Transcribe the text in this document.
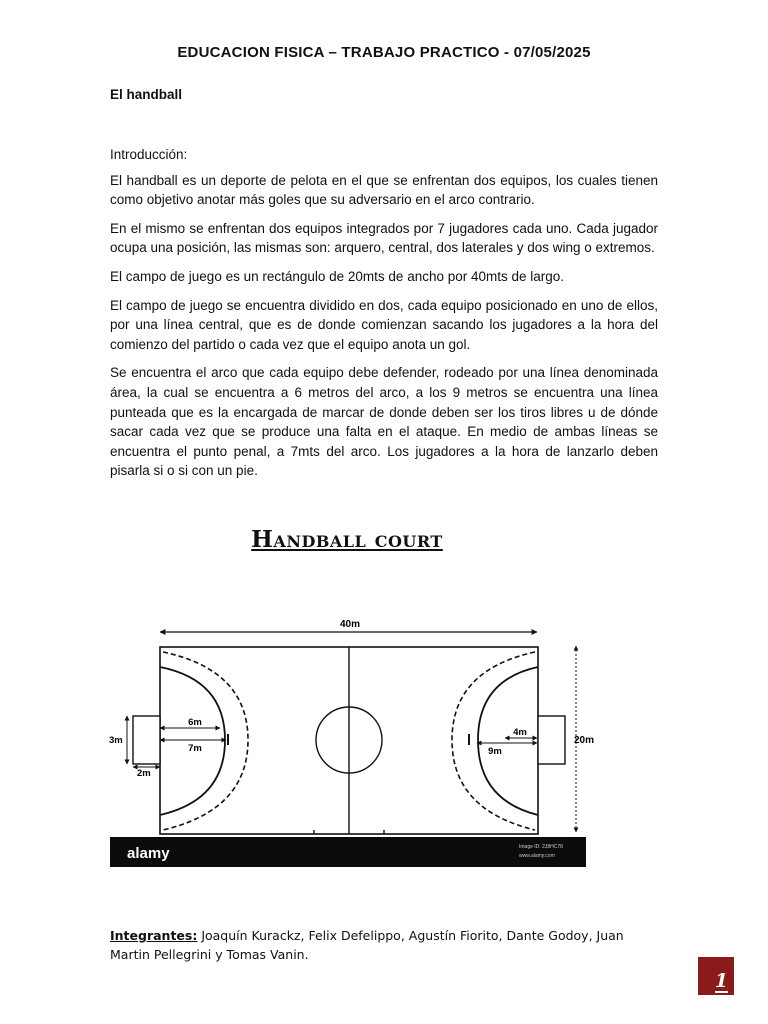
EDUCACION FISICA – TRABAJO PRACTICO - 07/05/2025
El handball

Introducción:

El handball es un deporte de pelota en el que se enfrentan dos equipos, los cuales tienen como objetivo anotar más goles que su adversario en el arco contrario.

En el mismo se enfrentan dos equipos integrados por 7 jugadores cada uno. Cada jugador ocupa una posición, las mismas son: arquero, central, dos laterales y dos wing o extremos.

El campo de juego es un rectángulo de 20mts de ancho por 40mts de largo.

El campo de juego se encuentra dividido en dos, cada equipo posicionado en uno de ellos, por una línea central, que es de donde comienzan sacando los jugadores a la hora del comienzo del partido o cada vez que el equipo anota un gol.

Se encuentra el arco que cada equipo debe defender, rodeado por una línea denominada área, la cual se encuentra a 6 metros del arco, a los 9 metros se encuentra una línea punteada que es la encargada de marcar de donde deben ser los tiros libres u de dónde sacar cada vez que se produce una falta en el ataque. En medio de ambas líneas se encuentra el punto penal, a 7mts del arco. Los jugadores a la hora de lanzarlo deben pisarla si o si con un pie.

Handball court
40m
20m
6m
7m
3m
2m
4m
9m
alamy	Image ID: 2J8HC78
www.alamy.com
Integrantes: Joaquín Kurackz, Felix Defelippo, Agustín Fiorito, Dante Godoy, Juan Martin Pellegrini y Tomas Vanin.
1
